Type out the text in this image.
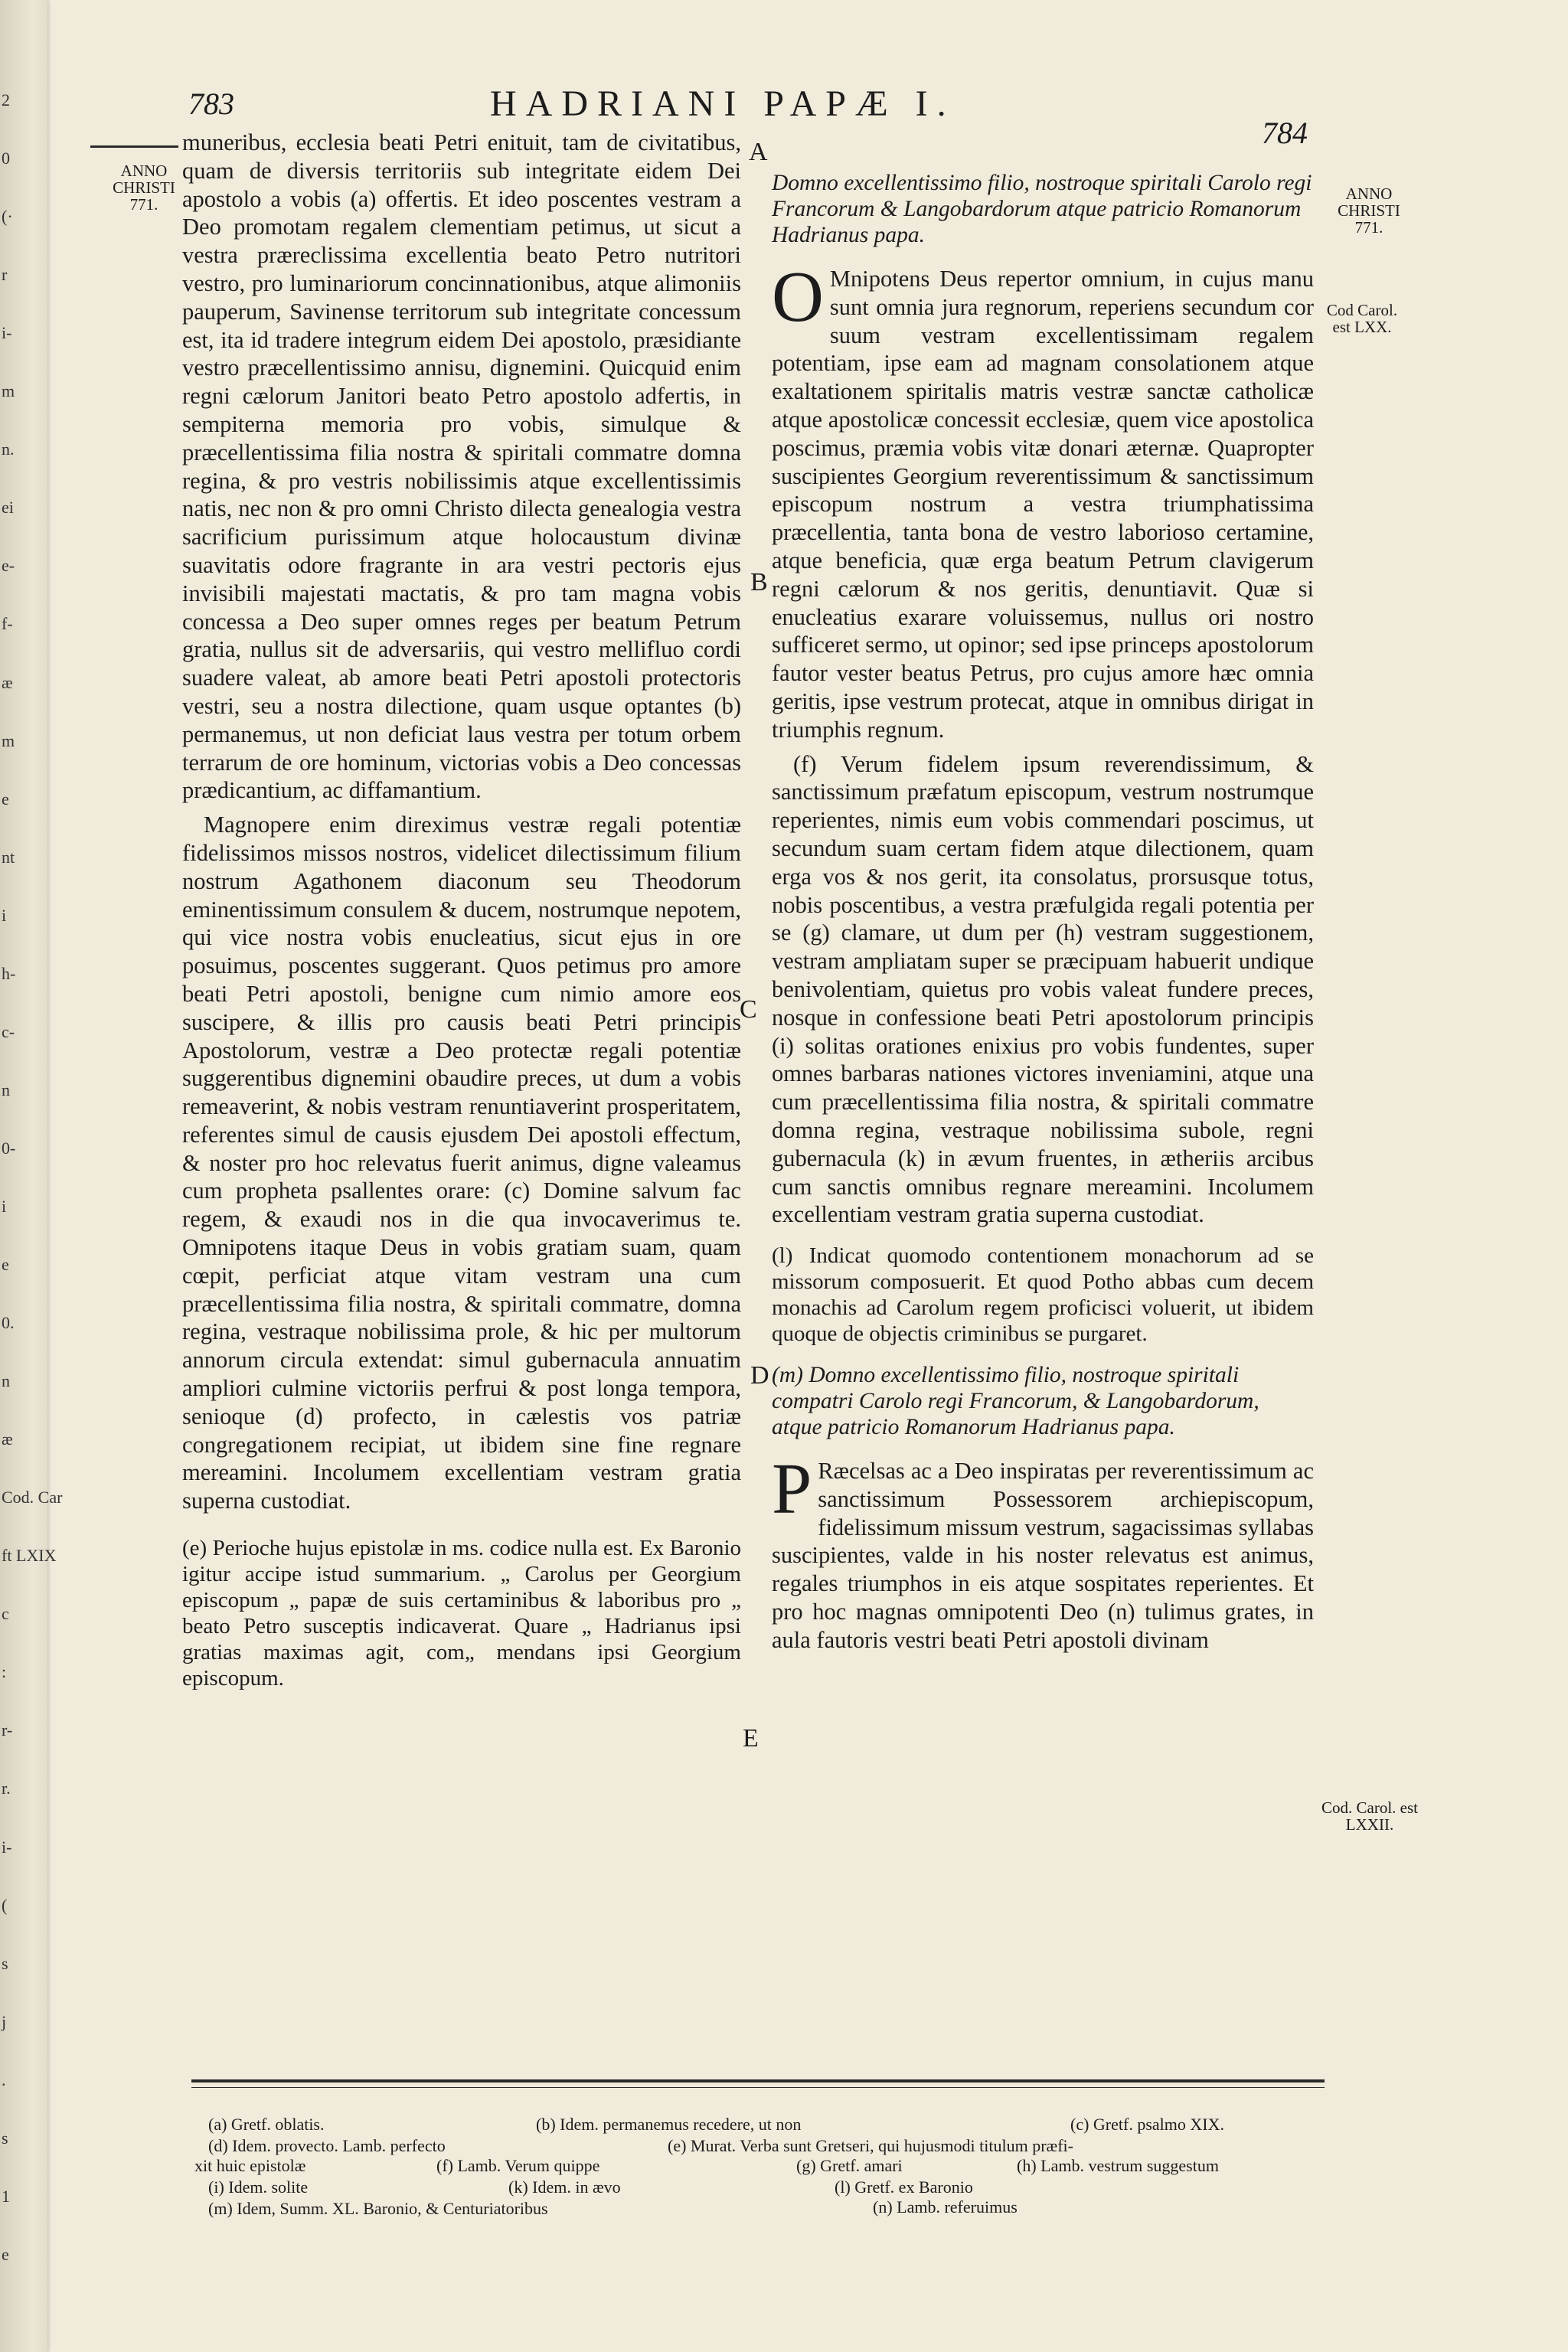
2
0
(·
r
i-
m
n.
ei
e-
f-
æ
m
e
nt
i
h-
c-
n
0-
i
e
0.
n
æ
Cod. Car
ft LXIX
c
:
r-
r.
i-
(
s
j
.
s
1
e
783	HADRIANI PAPÆ I.
784
ANNO CHRISTI 771.
ANNO CHRISTI 771.
Cod Carol. est LXX.
Cod. Carol. est LXXII.
A
B
C
D
E

muneribus, ecclesia beati Petri enituit, tam de civitatibus, quam de diversis territoriis sub integritate eidem Dei apostolo a vobis (a) offertis. Et ideo poscentes vestram a Deo promotam regalem clementiam petimus, ut sicut a vestra præreclissima excellentia beato Petro nutritori vestro, pro luminariorum concinnationibus, atque alimoniis pauperum, Savinense territorum sub integritate concessum est, ita id tradere integrum eidem Dei apostolo, præsidiante vestro præcellentissimo annisu, dignemini. Quicquid enim regni cælorum Janitori beato Petro apostolo adfertis, in sempiterna memoria pro vobis, simulque & præcellentissima filia nostra & spiritali commatre domna regina, & pro vestris nobilissimis atque excellentissimis natis, nec non & pro omni Christo dilecta genealogia vestra sacrificium purissimum atque holocaustum divinæ suavitatis odore fragrante in ara vestri pectoris ejus invisibili majestati mactatis, & pro tam magna vobis concessa a Deo super omnes reges per beatum Petrum gratia, nullus sit de adversariis, qui vestro mellifluo cordi suadere valeat, ab amore beati Petri apostoli protectoris vestri, seu a nostra dilectione, quam usque optantes (b) permanemus, ut non deficiat laus vestra per totum orbem terrarum de ore hominum, victorias vobis a Deo concessas prædicantium, ac diffamantium.

Magnopere enim direximus vestræ regali potentiæ fidelissimos missos nostros, videlicet dilectissimum filium nostrum Agathonem diaconum seu Theodorum eminentissimum consulem & ducem, nostrumque nepotem, qui vice nostra vobis enucleatius, sicut ejus in ore posuimus, poscentes suggerant. Quos petimus pro amore beati Petri apostoli, benigne cum nimio amore eos suscipere, & illis pro causis beati Petri principis Apostolorum, vestræ a Deo protectæ regali potentiæ suggerentibus dignemini obaudire preces, ut dum a vobis remeaverint, & nobis vestram renuntiaverint prosperitatem, referentes simul de causis ejusdem Dei apostoli effectum, & noster pro hoc relevatus fuerit animus, digne valeamus cum propheta psallentes orare: (c) Domine salvum fac regem, & exaudi nos in die qua invocaverimus te. Omnipotens itaque Deus in vobis gratiam suam, quam cœpit, perficiat atque vitam vestram una cum præcellentissima filia nostra, & spiritali commatre, domna regina, vestraque nobilissima prole, & hic per multorum annorum circula extendat: simul gubernacula annuatim ampliori culmine victoriis perfrui & post longa tempora, senioque (d) profecto, in cælestis vos patriæ congregationem recipiat, ut ibidem sine fine regnare mereamini. Incolumem excellentiam vestram gratia superna custodiat.

(e) Perioche hujus epistolæ in ms. codice nulla est. Ex Baronio igitur accipe istud summarium. „ Carolus per Georgium episcopum „ papæ de suis certaminibus & laboribus pro „ beato Petro susceptis indicaverat. Quare „ Hadrianus ipsi gratias maximas agit, com„ mendans ipsi Georgium episcopum.

Domno excellentissimo filio, nostroque spiritali Carolo regi Francorum & Langobardorum atque patricio Romanorum Hadrianus papa.

O Mnipotens Deus repertor omnium, in cujus manu sunt omnia jura regnorum, reperiens secundum cor suum vestram excellentissimam regalem potentiam, ipse eam ad magnam consolationem atque exaltationem spiritalis matris vestræ sanctæ catholicæ atque apostolicæ concessit ecclesiæ, quem vice apostolica poscimus, præmia vobis vitæ donari æternæ. Quapropter suscipientes Georgium reverentissimum & sanctissimum episcopum nostrum a vestra triumphatissima præcellentia, tanta bona de vestro laborioso certamine, atque beneficia, quæ erga beatum Petrum clavigerum regni cælorum & nos geritis, denuntiavit. Quæ si enucleatius exarare voluissemus, nullus ori nostro sufficeret sermo, ut opinor; sed ipse princeps apostolorum fautor vester beatus Petrus, pro cujus amore hæc omnia geritis, ipse vestrum protecat, atque in omnibus dirigat in triumphis regnum.

(f) Verum fidelem ipsum reverendissimum, & sanctissimum præfatum episcopum, vestrum nostrumque reperientes, nimis eum vobis commendari poscimus, ut secundum suam certam fidem atque dilectionem, quam erga vos & nos gerit, ita consolatus, prorsusque totus, nobis poscentibus, a vestra præfulgida regali potentia per se (g) clamare, ut dum per (h) vestram suggestionem, vestram ampliatam super se præcipuam habuerit undique benivolentiam, quietus pro vobis valeat fundere preces, nosque in confessione beati Petri apostolorum principis (i) solitas orationes enixius pro vobis fundentes, super omnes barbaras nationes victores inveniamini, atque una cum præcellentissima filia nostra, & spiritali commatre domna regina, vestraque nobilissima subole, regni gubernacula (k) in ævum fruentes, in ætheriis arcibus cum sanctis omnibus regnare mereamini. Incolumem excellentiam vestram gratia superna custodiat.

(l) Indicat quomodo contentionem monachorum ad se missorum composuerit. Et quod Potho abbas cum decem monachis ad Carolum regem proficisci voluerit, ut ibidem quoque de objectis criminibus se purgaret.

(m) Domno excellentissimo filio, nostroque spiritali compatri Carolo regi Francorum, & Langobardorum, atque patricio Romanorum Hadrianus papa.

P Ræcelsas ac a Deo inspiratas per reverentissimum ac sanctissimum Possessorem archiepiscopum, fidelissimum missum vestrum, sagacissimas syllabas suscipientes, valde in his noster relevatus est animus, regales triumphos in eis atque sospitates reperientes. Et pro hoc magnas omnipotenti Deo (n) tulimus grates, in aula fautoris vestri beati Petri apostoli divinam

(a) Gretf. oblatis.	(b) Idem. permanemus recedere, ut non	(c) Gretf. psalmo XIX.
(d) Idem. provecto. Lamb. perfecto	(e) Murat. Verba sunt Gretseri, qui hujusmodi titulum præfi-
xit huic epistolæ	(f) Lamb. Verum quippe	(g) Gretf. amari	(h) Lamb. vestrum suggestum
(i) Idem. solite	(k) Idem. in ævo	(l) Gretf. ex Baronio
(m) Idem, Summ. XL. Baronio, & Centuriatoribus	(n) Lamb. referuimus
